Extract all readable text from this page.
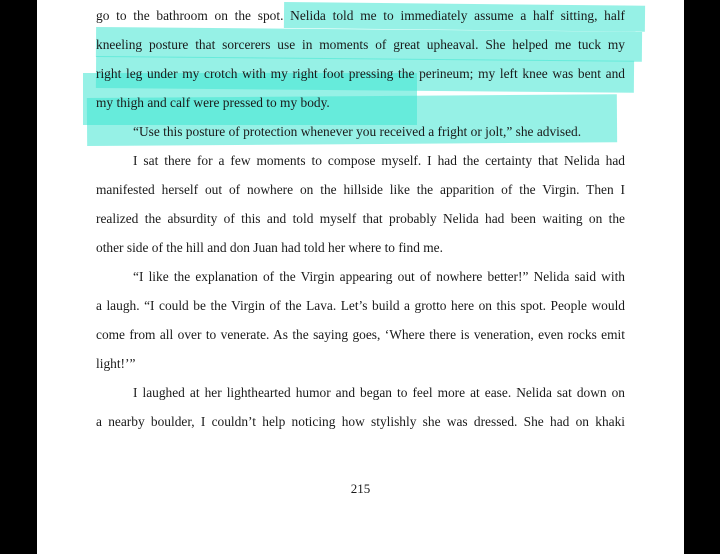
go to the bathroom on the spot. Nelida told me to immediately assume a half sitting, half
kneeling posture that sorcerers use in moments of great upheaval. She helped me tuck my
right leg under my crotch with my right foot pressing the perineum; my left knee was bent and
my thigh and calf were pressed to my body.
“Use this posture of protection whenever you received a fright or jolt,” she advised.
I sat there for a few moments to compose myself. I had the certainty that Nelida had
manifested herself out of nowhere on the hillside like the apparition of the Virgin. Then I
realized the absurdity of this and told myself that probably Nelida had been waiting on the
other side of the hill and don Juan had told her where to find me.
“I like the explanation of the Virgin appearing out of nowhere better!” Nelida said with
a laugh. “I could be the Virgin of the Lava. Let’s build a grotto here on this spot. People would
come from all over to venerate. As the saying goes, ‘Where there is veneration, even rocks emit
light!’”
I laughed at her lighthearted humor and began to feel more at ease. Nelida sat down on
a nearby boulder, I couldn’t help noticing how stylishly she was dressed. She had on khaki
215
